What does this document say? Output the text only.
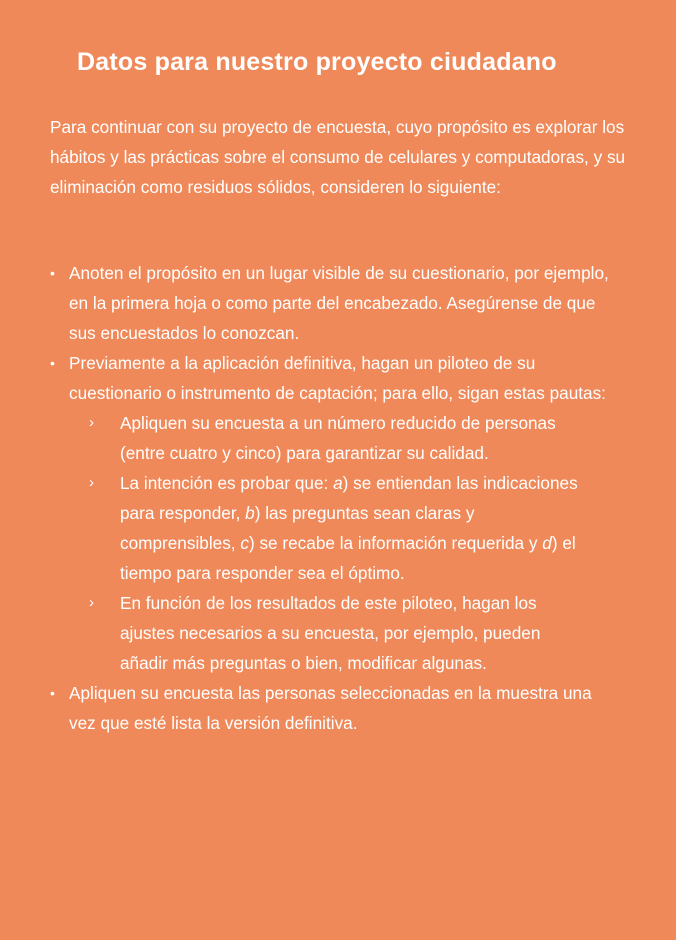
Datos para nuestro proyecto ciudadano

Para continuar con su proyecto de encuesta, cuyo propósito es explorar los hábitos y las prácticas sobre el consumo de celulares y computadoras, y su eliminación como residuos sólidos, consideren lo siguiente:

• Anoten el propósito en un lugar visible de su cuestionario, por ejemplo, en la primera hoja o como parte del encabezado. Asegúrense de que sus encuestados lo conozcan.
• Previamente a la aplicación definitiva, hagan un piloteo de su cuestionario o instrumento de captación; para ello, sigan estas pautas:
› Apliquen su encuesta a un número reducido de personas (entre cuatro y cinco) para garantizar su calidad.
› La intención es probar que: a) se entiendan las indicaciones para responder, b) las preguntas sean claras y comprensibles, c) se recabe la información requerida y d) el tiempo para responder sea el óptimo.
› En función de los resultados de este piloteo, hagan los ajustes necesarios a su encuesta, por ejemplo, pueden añadir más preguntas o bien, modificar algunas.
• Apliquen su encuesta las personas seleccionadas en la muestra una vez que esté lista la versión definitiva.
